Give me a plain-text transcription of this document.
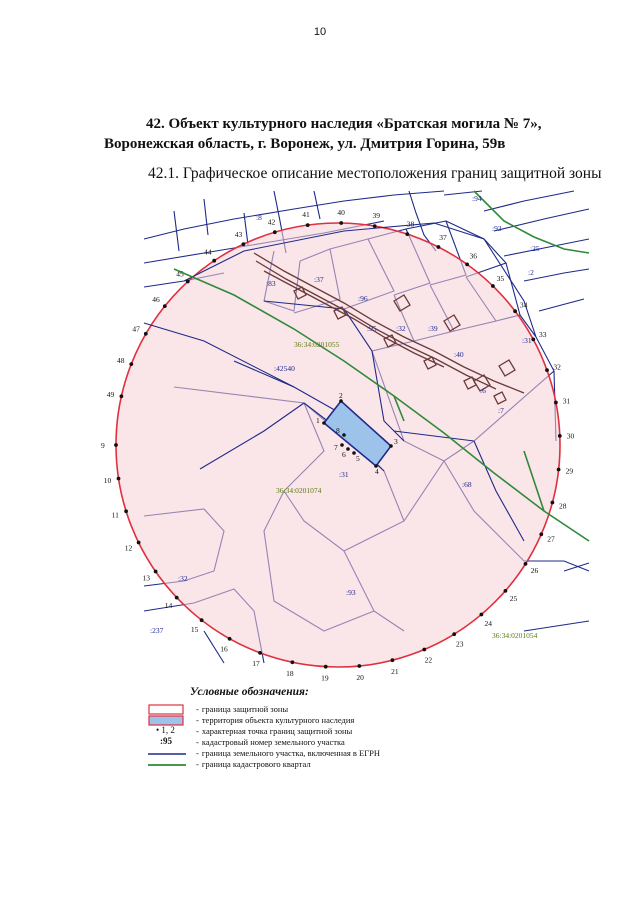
10
42. Объект культурного наследия «Братская могила № 7»,
Воронежская область, г. Воронеж, ул. Дмитрия Горина, 59в
42.1. Графическое описание местоположения границ защитной зоны
1
2
3
4
5
6
7
8
9
10
11
12
13
14
15
16
17
18
19	20
21
22
23
24
25
26
27
28
29
30
31
32
33
34
35
36
37
38
39
40
41
42
43
44
45
46
47
48
49
36:34:0201055
36:34:0201074
36:34:0201054
:8
:94
:93
:25
:2
:83	:37
:96
:95	:32	:39
:40
:31
:6
:7
:31
:68
:93
:32
:237
:42540
Условные обозначения:
- граница защитной зоны
- территория объекта культурного наследия
• 1, 2	- характерная точка границ защитной зоны
:95	- кадастровый номер земельного участка
- граница земельного участка, включенная в ЕГРН
- граница кадастрового квартал
